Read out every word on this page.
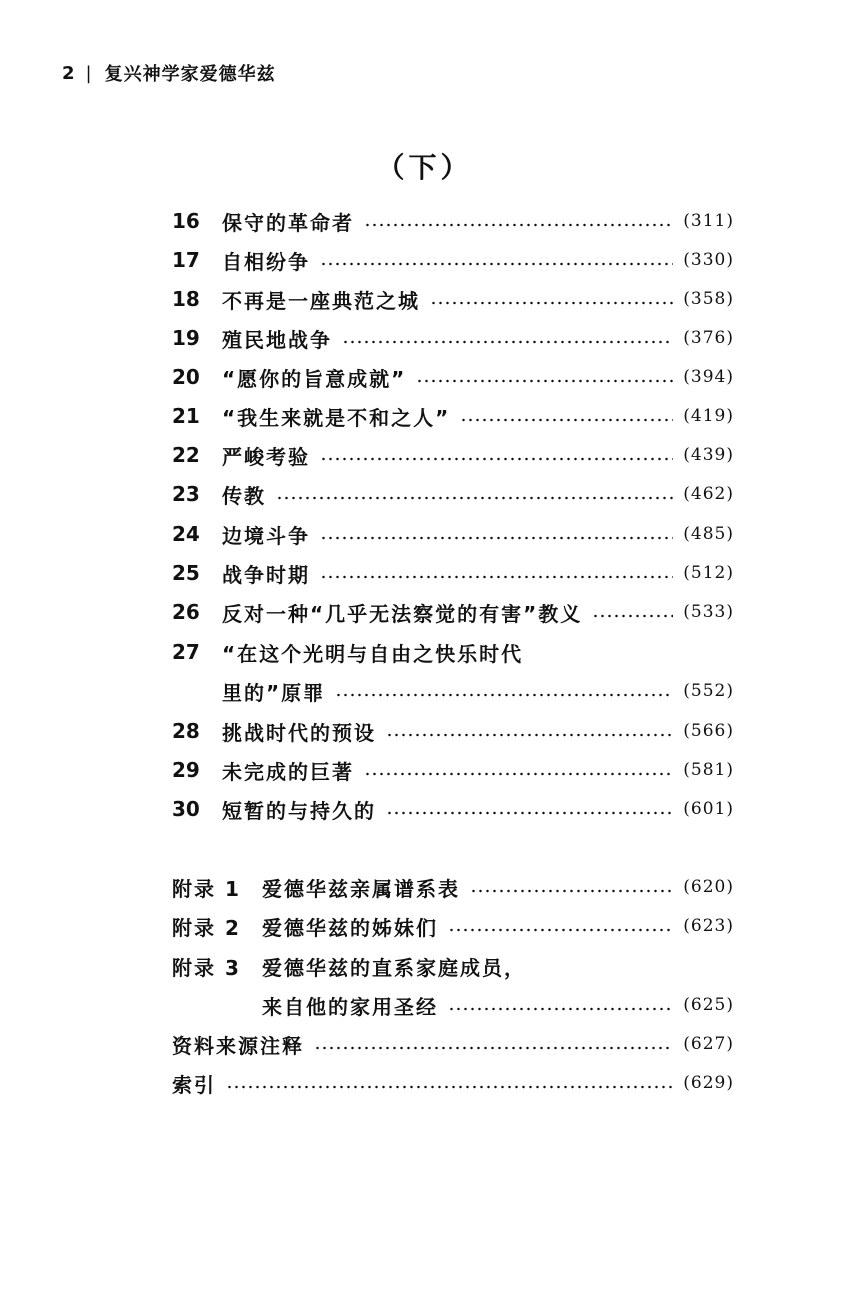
2 | 复兴神学家爱德华兹
（下）
16	保守的革命者	(311)
17	自相纷争	(330)
18	不再是一座典范之城	(358)
19	殖民地战争	(376)
20	“愿你的旨意成就”	(394)
21	“我生来就是不和之人”	(419)
22	严峻考验	(439)
23	传教	(462)
24	边境斗争	(485)
25	战争时期	(512)
26	反对一种“几乎无法察觉的有害”教义	(533)
27	“在这个光明与自由之快乐时代
里的”原罪	(552)
28	挑战时代的预设	(566)
29	未完成的巨著	(581)
30	短暂的与持久的	(601)
附录 1	爱德华兹亲属谱系表	(620)
附录 2	爱德华兹的姊妹们	(623)
附录 3	爱德华兹的直系家庭成员，
来自他的家用圣经	(625)
资料来源注释	(627)
索引	(629)
